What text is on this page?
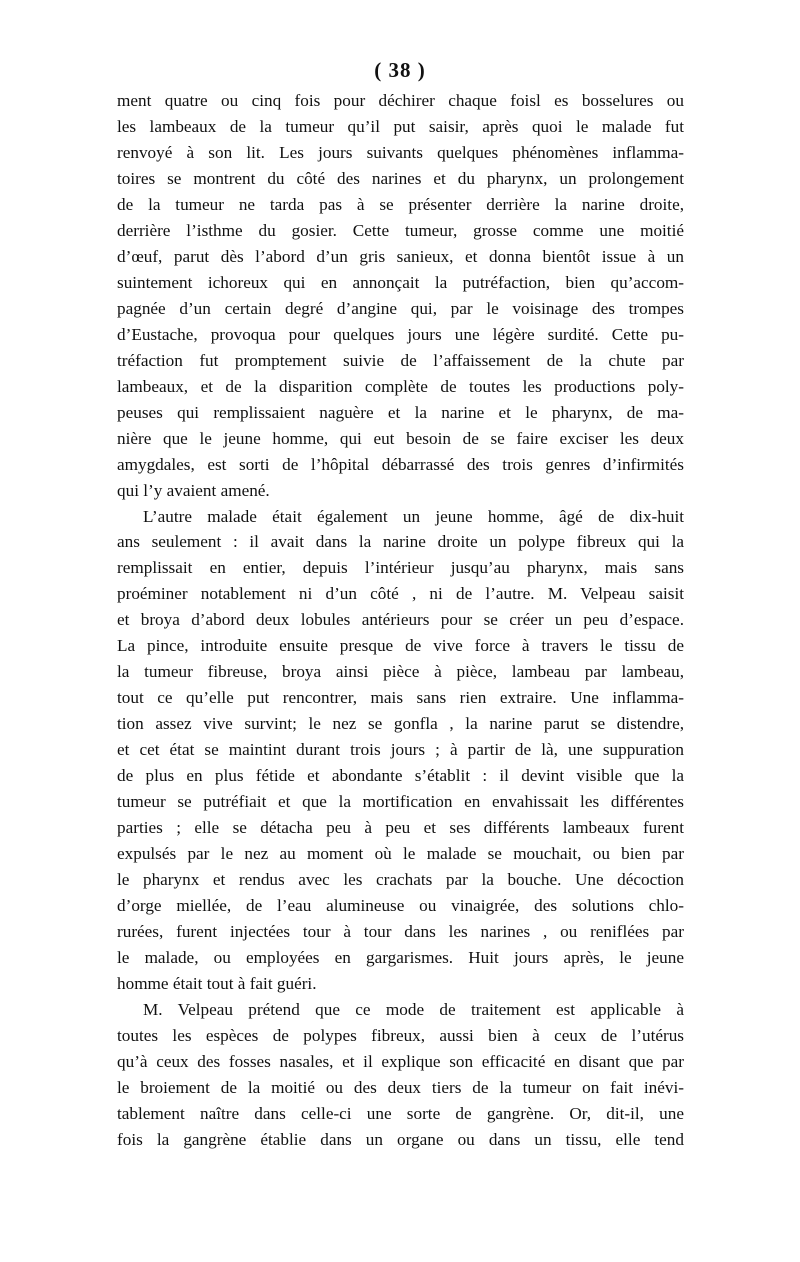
( 38 )
ment quatre ou cinq fois pour déchirer chaque foisl es bosselures ou
les lambeaux de la tumeur qu’il put saisir, après quoi le malade fut
renvoyé à son lit. Les jours suivants quelques phénomènes inflamma-
toires se montrent du côté des narines et du pharynx, un prolongement
de la tumeur ne tarda pas à se présenter derrière la narine droite,
derrière l’isthme du gosier. Cette tumeur, grosse comme une moitié
d’œuf, parut dès l’abord d’un gris sanieux, et donna bientôt issue à un
suintement ichoreux qui en annonçait la putréfaction, bien qu’accom-
pagnée d’un certain degré d’angine qui, par le voisinage des trompes
d’Eustache, provoqua pour quelques jours une légère surdité. Cette pu-
tréfaction fut promptement suivie de l’affaissement de la chute par
lambeaux, et de la disparition complète de toutes les productions poly-
peuses qui remplissaient naguère et la narine et le pharynx, de ma-
nière que le jeune homme, qui eut besoin de se faire exciser les deux
amygdales, est sorti de l’hôpital débarrassé des trois genres d’infirmités
qui l’y avaient amené.
L’autre malade était également un jeune homme, âgé de dix-huit
ans seulement : il avait dans la narine droite un polype fibreux qui la
remplissait en entier, depuis l’intérieur jusqu’au pharynx, mais sans
proéminer notablement ni d’un côté , ni de l’autre. M. Velpeau saisit
et broya d’abord deux lobules antérieurs pour se créer un peu d’espace.
La pince, introduite ensuite presque de vive force à travers le tissu de
la tumeur fibreuse, broya ainsi pièce à pièce, lambeau par lambeau,
tout ce qu’elle put rencontrer, mais sans rien extraire. Une inflamma-
tion assez vive survint; le nez se gonfla , la narine parut se distendre,
et cet état se maintint durant trois jours ; à partir de là, une suppuration
de plus en plus fétide et abondante s’établit : il devint visible que la
tumeur se putréfiait et que la mortification en envahissait les différentes
parties ; elle se détacha peu à peu et ses différents lambeaux furent
expulsés par le nez au moment où le malade se mouchait, ou bien par
le pharynx et rendus avec les crachats par la bouche. Une décoction
d’orge miellée, de l’eau alumineuse ou vinaigrée, des solutions chlo-
rurées, furent injectées tour à tour dans les narines , ou reniflées par
le malade, ou employées en gargarismes. Huit jours après, le jeune
homme était tout à fait guéri.
M. Velpeau prétend que ce mode de traitement est applicable à
toutes les espèces de polypes fibreux, aussi bien à ceux de l’utérus
qu’à ceux des fosses nasales, et il explique son efficacité en disant que par
le broiement de la moitié ou des deux tiers de la tumeur on fait inévi-
tablement naître dans celle-ci une sorte de gangrène. Or, dit-il, une
fois la gangrène établie dans un organe ou dans un tissu, elle tend
